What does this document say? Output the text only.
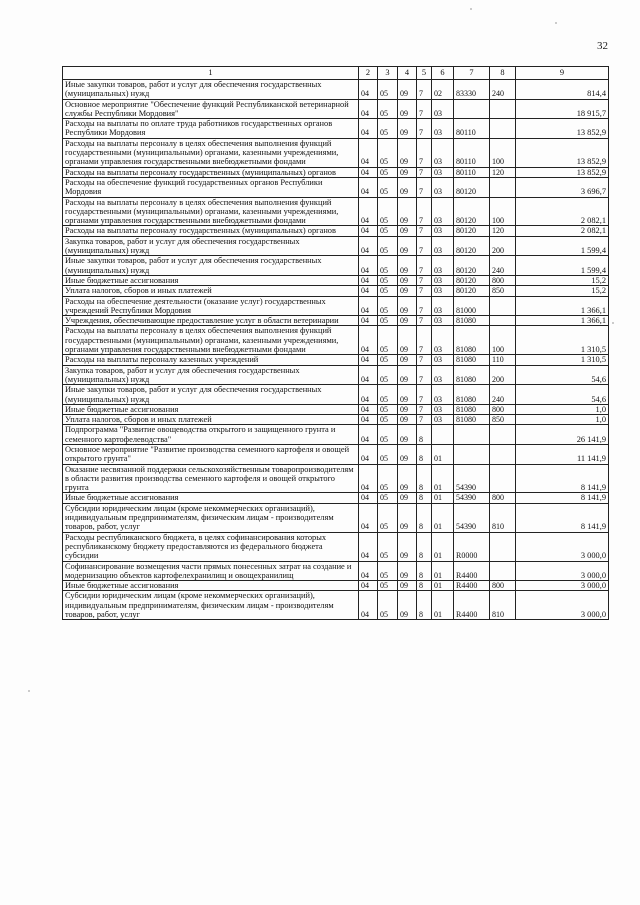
32
1	2	3	4	5	6	7	8	9
Иные закупки товаров, работ и услуг для обеспечения государственных (муниципальных) нужд	04	05	09	7	02	83330	240	814,4
Основное мероприятие "Обеспечение функций Республиканской ветеринарной службы Республики Мордовия"	04	05	09	7	03			18 915,7
Расходы на выплаты по оплате труда работников государственных органов Республики Мордовия	04	05	09	7	03	80110		13 852,9
Расходы на выплаты персоналу в целях обеспечения выполнения функций государственными (муниципальными) органами, казенными учреждениями, органами управления государственными внебюджетными фондами	04	05	09	7	03	80110	100	13 852,9
Расходы на выплаты персоналу государственных (муниципальных) органов	04	05	09	7	03	80110	120	13 852,9
Расходы на обеспечение функций государственных органов Республики Мордовия	04	05	09	7	03	80120		3 696,7
Расходы на выплаты персоналу в целях обеспечения выполнения функций государственными (муниципальными) органами, казенными учреждениями, органами управления государственными внебюджетными фондами	04	05	09	7	03	80120	100	2 082,1
Расходы на выплаты персоналу государственных (муниципальных) органов	04	05	09	7	03	80120	120	2 082,1
Закупка товаров, работ и услуг для обеспечения государственных (муниципальных) нужд	04	05	09	7	03	80120	200	1 599,4
Иные закупки товаров, работ и услуг для обеспечения государственных (муниципальных) нужд	04	05	09	7	03	80120	240	1 599,4
Иные бюджетные ассигнования	04	05	09	7	03	80120	800	15,2
Уплата налогов, сборов и иных платежей	04	05	09	7	03	80120	850	15,2
Расходы на обеспечение деятельности (оказание услуг) государственных учреждений Республики Мордовия	04	05	09	7	03	81000		1 366,1
Учреждения, обеспечивающие предоставление услуг в области ветеринарии	04	05	09	7	03	81080		1 366,1
Расходы на выплаты персоналу в целях обеспечения выполнения функций государственными (муниципальными) органами, казенными учреждениями, органами управления государственными внебюджетными фондами	04	05	09	7	03	81080	100	1 310,5
Расходы на выплаты персоналу казенных учреждений	04	05	09	7	03	81080	110	1 310,5
Закупка товаров, работ и услуг для обеспечения государственных (муниципальных) нужд	04	05	09	7	03	81080	200	54,6
Иные закупки товаров, работ и услуг для обеспечения государственных (муниципальных) нужд	04	05	09	7	03	81080	240	54,6
Иные бюджетные ассигнования	04	05	09	7	03	81080	800	1,0
Уплата налогов, сборов и иных платежей	04	05	09	7	03	81080	850	1,0
Подпрограмма "Развитие овощеводства открытого и защищенного грунта и семенного картофелеводства"	04	05	09	8				26 141,9
Основное мероприятие "Развитие производства семенного картофеля и овощей открытого грунта"	04	05	09	8	01			11 141,9
Оказание несвязанной поддержки сельскохозяйственным товаропроизводителям в области развития производства семенного картофеля и овощей открытого грунта	04	05	09	8	01	54390		8 141,9
Иные бюджетные ассигнования	04	05	09	8	01	54390	800	8 141,9
Субсидии юридическим лицам (кроме некоммерческих организаций), индивидуальным предпринимателям, физическим лицам - производителям товаров, работ, услуг	04	05	09	8	01	54390	810	8 141,9
Расходы республиканского бюджета, в целях софинансирования которых республиканскому бюджету предоставляются из федерального бюджета субсидии	04	05	09	8	01	R0000		3 000,0
Софинансирование возмещения части прямых понесенных затрат на создание и модернизацию объектов картофелехранилищ и овощехранилищ	04	05	09	8	01	R4400		3 000,0
Иные бюджетные ассигнования	04	05	09	8	01	R4400	800	3 000,0
Субсидии юридическим лицам (кроме некоммерческих организаций), индивидуальным предпринимателям, физическим лицам - производителям товаров, работ, услуг	04	05	09	8	01	R4400	810	3 000,0
